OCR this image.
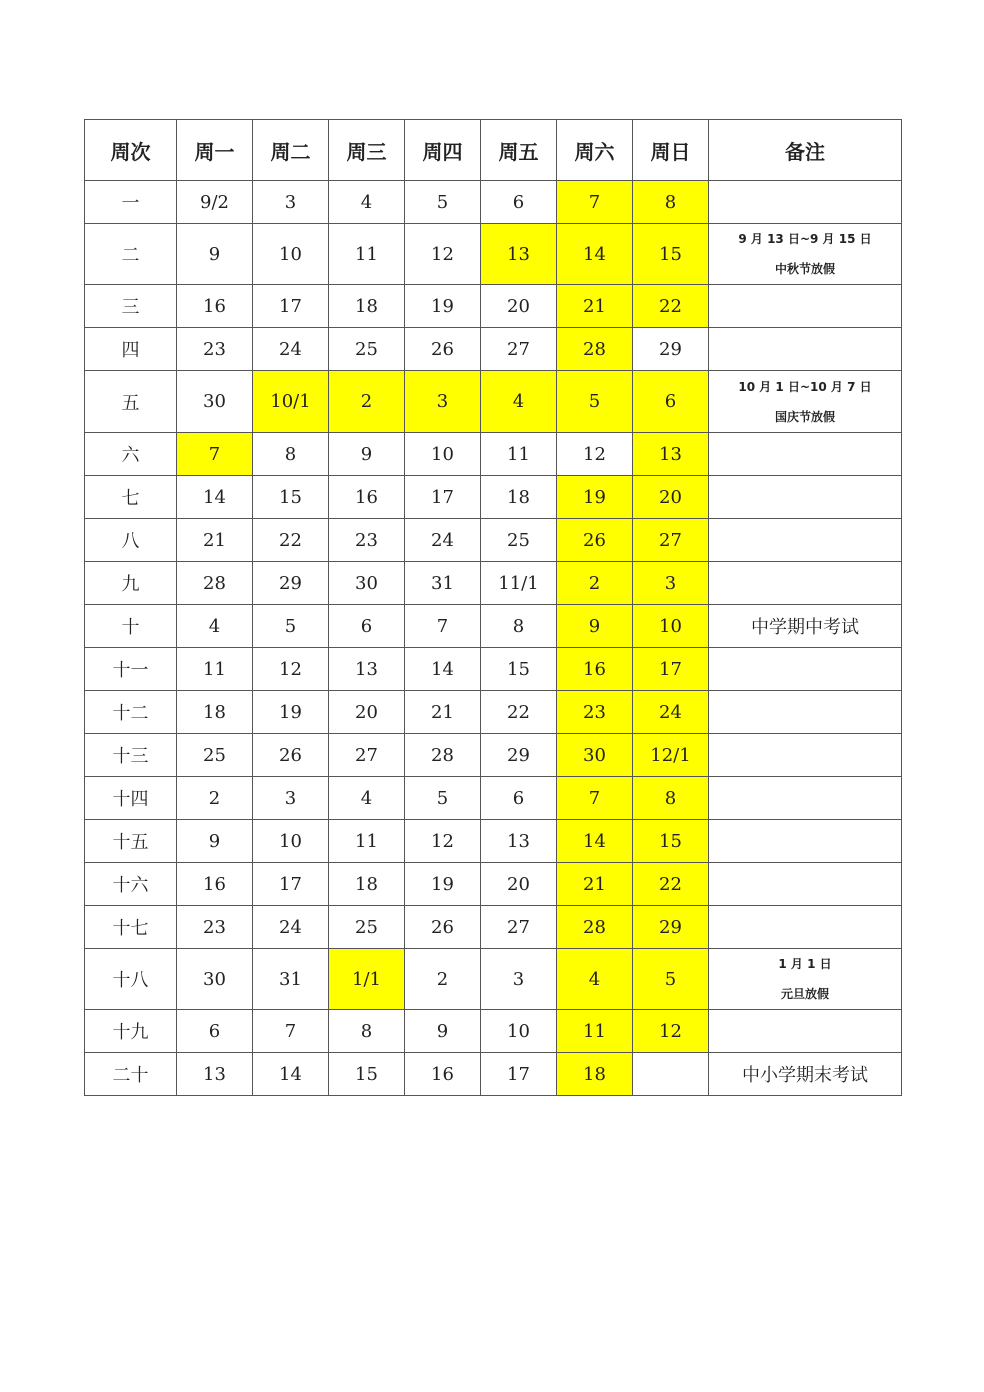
周次	周一	周二	周三	周四	周五	周六	周日	备注
一	9/2	3	4	5	6	7	8	
二	9	10	11	12	13	14	15	9 月 13 日~9 月 15 日
中秋节放假

三	16	17	18	19	20	21	22	
四	23	24	25	26	27	28	29	
五	30	10/1	2	3	4	5	6	10 月 1 日~10 月 7 日
国庆节放假

六	7	8	9	10	11	12	13	
七	14	15	16	17	18	19	20	
八	21	22	23	24	25	26	27	
九	28	29	30	31	11/1	2	3	
十	4	5	6	7	8	9	10	中学期中考试
十一	11	12	13	14	15	16	17	
十二	18	19	20	21	22	23	24	
十三	25	26	27	28	29	30	12/1	
十四	2	3	4	5	6	7	8	
十五	9	10	11	12	13	14	15	
十六	16	17	18	19	20	21	22	
十七	23	24	25	26	27	28	29	
十八	30	31	1/1	2	3	4	5	1 月 1 日
元旦放假

十九	6	7	8	9	10	11	12	
二十	13	14	15	16	17	18		中小学期末考试
